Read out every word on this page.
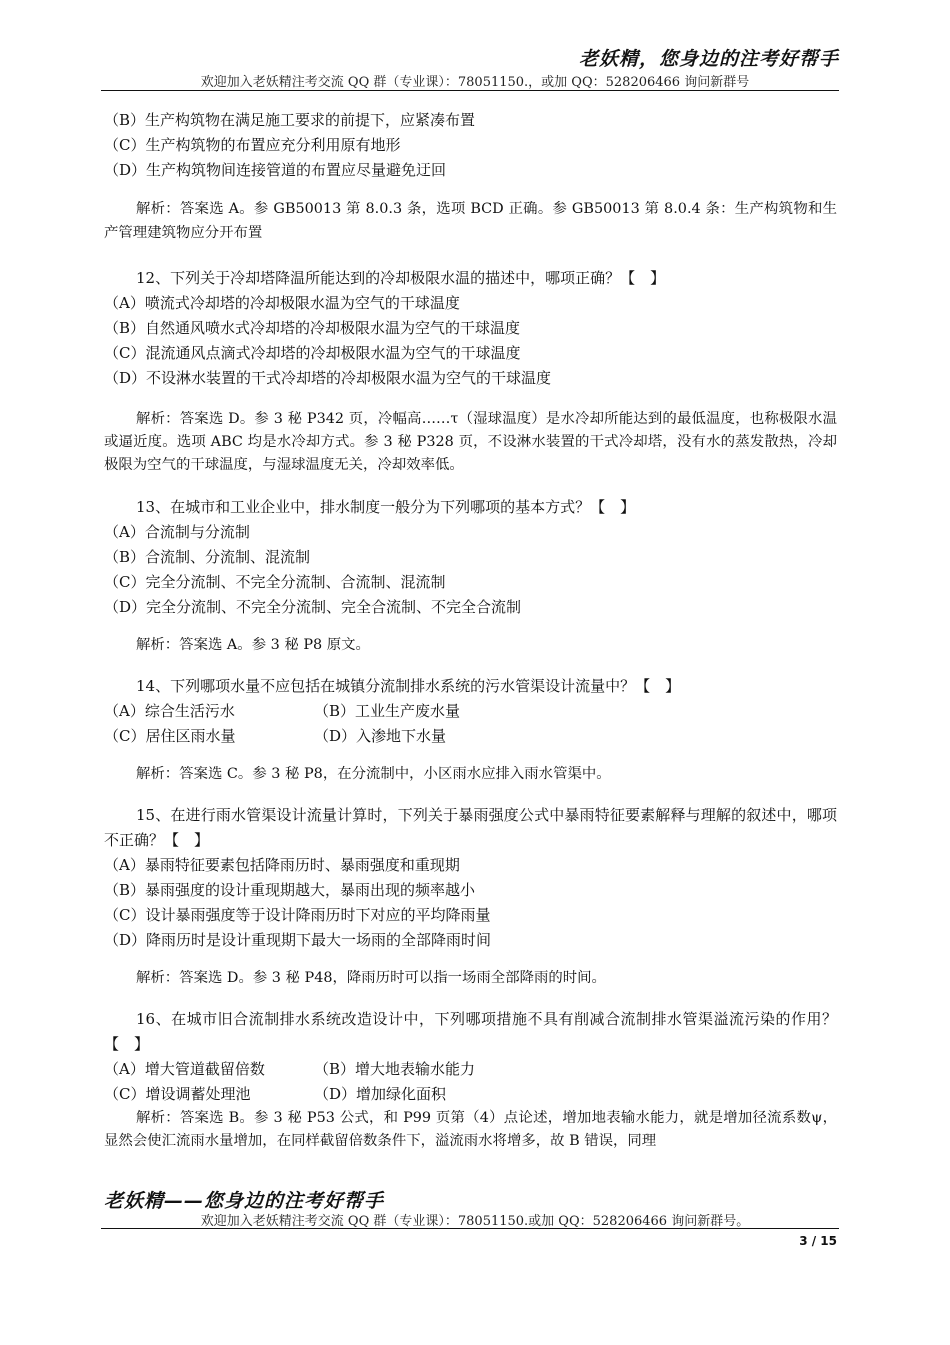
老妖精，您身边的注考好帮手
欢迎加入老妖精注考交流 QQ 群（专业课）：78051150.，或加 QQ：528206466 询问新群号
（B）生产构筑物在满足施工要求的前提下，应紧凑布置
（C）生产构筑物的布置应充分利用原有地形
（D）生产构筑物间连接管道的布置应尽量避免迂回
解析：答案选 A。参 GB50013 第 8.0.3 条，选项 BCD 正确。参 GB50013 第 8.0.4 条：生产构筑物和生产管理建筑物应分开布置
12、下列关于冷却塔降温所能达到的冷却极限水温的描述中，哪项正确？【　】
（A）喷流式冷却塔的冷却极限水温为空气的干球温度
（B）自然通风喷水式冷却塔的冷却极限水温为空气的干球温度
（C）混流通风点滴式冷却塔的冷却极限水温为空气的干球温度
（D）不设淋水装置的干式冷却塔的冷却极限水温为空气的干球温度
解析：答案选 D。参 3 秘 P342 页，冷幅高……τ（湿球温度）是水冷却所能达到的最低温度，也称极限水温或逼近度。选项 ABC 均是水冷却方式。参 3 秘 P328 页，不设淋水装置的干式冷却塔，没有水的蒸发散热，冷却极限为空气的干球温度，与湿球温度无关，冷却效率低。
13、在城市和工业企业中，排水制度一般分为下列哪项的基本方式？【　】
（A）合流制与分流制
（B）合流制、分流制、混流制
（C）完全分流制、不完全分流制、合流制、混流制
（D）完全分流制、不完全分流制、完全合流制、不完全合流制
解析：答案选 A。参 3 秘 P8 原文。
14、下列哪项水量不应包括在城镇分流制排水系统的污水管渠设计流量中？【　】
（A）综合生活污水	（B）工业生产废水量
（C）居住区雨水量	（D）入渗地下水量
解析：答案选 C。参 3 秘 P8，在分流制中，小区雨水应排入雨水管渠中。
15、在进行雨水管渠设计流量计算时，下列关于暴雨强度公式中暴雨特征要素解释与理解的叙述中，哪项不正确？【　】
（A）暴雨特征要素包括降雨历时、暴雨强度和重现期
（B）暴雨强度的设计重现期越大，暴雨出现的频率越小
（C）设计暴雨强度等于设计降雨历时下对应的平均降雨量
（D）降雨历时是设计重现期下最大一场雨的全部降雨时间
解析：答案选 D。参 3 秘 P48，降雨历时可以指一场雨全部降雨的时间。
16、在城市旧合流制排水系统改造设计中，下列哪项措施不具有削减合流制排水管渠溢流污染的作用？【　】
（A）增大管道截留倍数	（B）增大地表输水能力
（C）增设调蓄处理池	（D）增加绿化面积
解析：答案选 B。参 3 秘 P53 公式，和 P99 页第（4）点论述，增加地表输水能力，就是增加径流系数ψ，显然会使汇流雨水量增加，在同样截留倍数条件下，溢流雨水将增多，故 B 错误，同理
老妖精——您身边的注考好帮手
欢迎加入老妖精注考交流 QQ 群（专业课）：78051150.或加 QQ：528206466 询问新群号。
3 / 15
